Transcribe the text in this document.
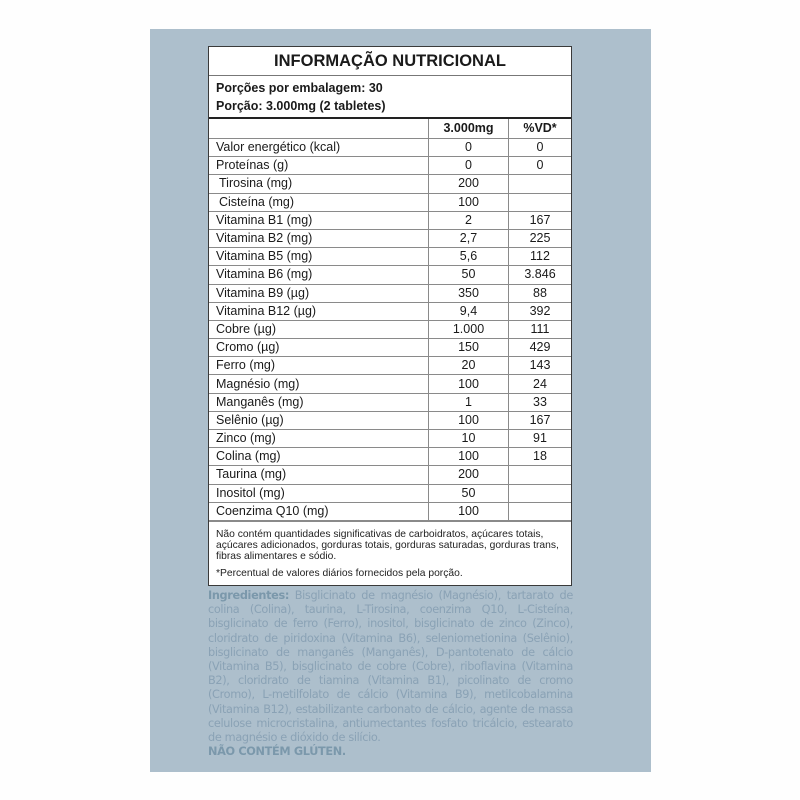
INFORMAÇÃO NUTRICIONAL
Porções por embalagem: 30
Porção: 3.000mg (2 tabletes)
	3.000mg	%VD*
Valor energético (kcal)	0	0
Proteínas (g)	0	0
Tirosina (mg)	200	
Cisteína (mg)	100	
Vitamina B1 (mg)	2	167
Vitamina B2 (mg)	2,7	225
Vitamina B5 (mg)	5,6	112
Vitamina B6 (mg)	50	3.846
Vitamina B9 (µg)	350	88
Vitamina B12 (µg)	9,4	392
Cobre (µg)	1.000	111
Cromo (µg)	150	429
Ferro (mg)	20	143
Magnésio (mg)	100	24
Manganês (mg)	1	33
Selênio (µg)	100	167
Zinco (mg)	10	91
Colina (mg)	100	18
Taurina (mg)	200	
Inositol (mg)	50	
Coenzima Q10 (mg)	100	

Não contém quantidades significativas de carboidratos, açúcares totais, açúcares adicionados, gorduras totais, gorduras saturadas, gorduras trans, fibras alimentares e sódio.

*Percentual de valores diários fornecidos pela porção.

Ingredientes: Bisglicinato de magnésio (Magnésio), tartarato de colina (Colina), taurina, L-Tirosina, coenzima Q10, L-Cisteína, bisglicinato de ferro (Ferro), inositol, bisglicinato de zinco (Zinco), cloridrato de piridoxina (Vitamina B6), seleniometionina (Selênio), bisglicinato de manganês (Manganês), D-pantotenato de cálcio (Vitamina B5), bisglicinato de cobre (Cobre), riboflavina (Vitamina B2), cloridrato de tiamina (Vitamina B1), picolinato de cromo (Cromo), L-metilfolato de cálcio (Vitamina B9), metilcobalamina (Vitamina B12), estabilizante carbonato de cálcio, agente de massa celulose microcristalina, antiumectantes fosfato tricálcio, estearato de magnésio e dióxido de silício.
NÃO CONTÉM GLÚTEN.
